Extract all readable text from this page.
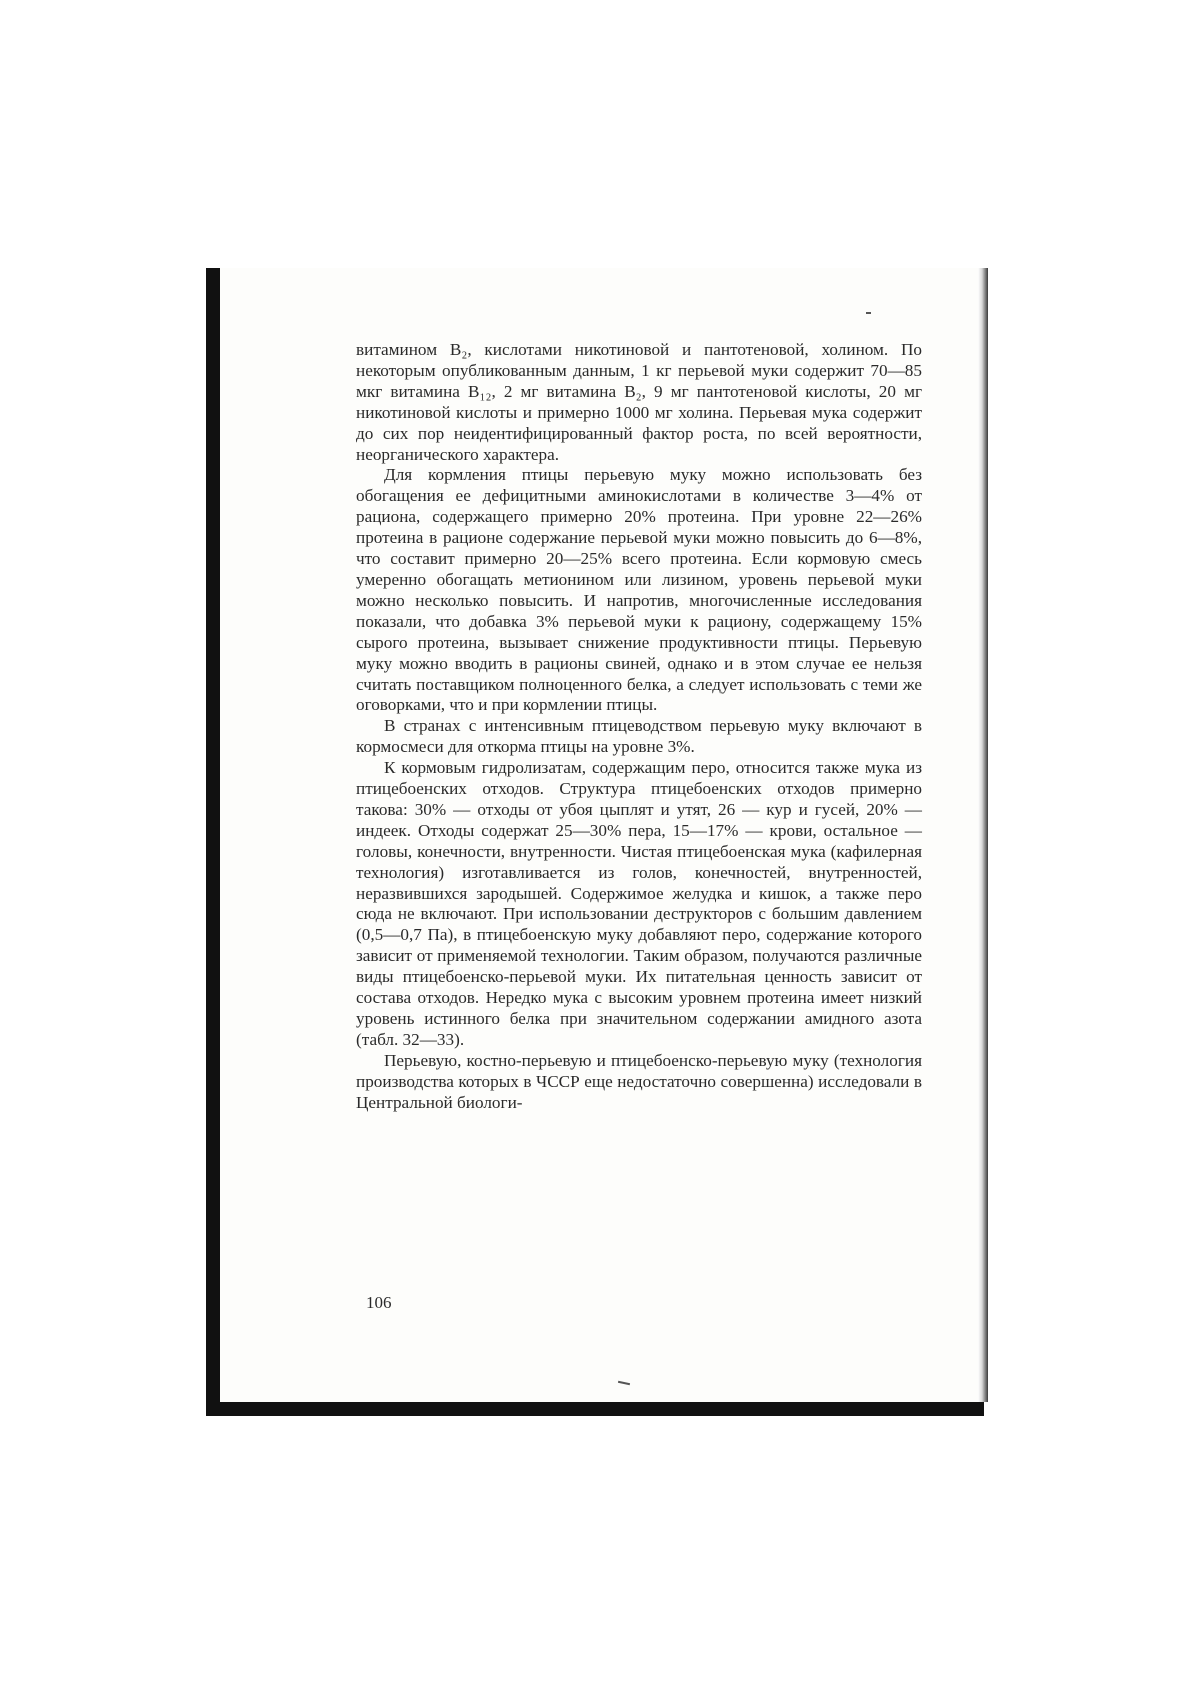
витамином B₂, кислотами никотиновой и пантотеновой, холином. По некоторым опубликованным данным, 1 кг перьевой муки содержит 70—85 мкг витамина B₁₂, 2 мг витамина B₂, 9 мг пантотеновой кислоты, 20 мг никотиновой кислоты и примерно 1000 мг холина. Перьевая мука содержит до сих пор неидентифицированный фактор роста, по всей вероятности, неорганического характера.

Для кормления птицы перьевую муку можно использовать без обогащения ее дефицитными аминокислотами в количестве 3—4% от рациона, содержащего примерно 20% протеина. При уровне 22—26% протеина в рационе содержание перьевой муки можно повысить до 6—8%, что составит примерно 20—25% всего протеина. Если кормовую смесь умеренно обогащать метионином или лизином, уровень перьевой муки можно несколько повысить. И напротив, многочисленные исследования показали, что добавка 3% перьевой муки к рациону, содержащему 15% сырого протеина, вызывает снижение продуктивности птицы. Перьевую муку можно вводить в рационы свиней, однако и в этом случае ее нельзя считать поставщиком полноценного белка, а следует использовать с теми же оговорками, что и при кормлении птицы.

В странах с интенсивным птицеводством перьевую муку включают в кормосмеси для откорма птицы на уровне 3%.

К кормовым гидролизатам, содержащим перо, относится также мука из птицебоенских отходов. Структура птицебоенских отходов примерно такова: 30% — отходы от убоя цыплят и утят, 26 — кур и гусей, 20% — индеек. Отходы содержат 25—30% пера, 15—17% — крови, остальное — головы, конечности, внутренности. Чистая птицебоенская мука (кафилерная технология) изготавливается из голов, конечностей, внутренностей, неразвившихся зародышей. Содержимое желудка и кишок, а также перо сюда не включают. При использовании деструкторов с большим давлением (0,5—0,7 Па), в птицебоенскую муку добавляют перо, содержание которого зависит от применяемой технологии. Таким образом, получаются различные виды птицебоенско-перьевой муки. Их питательная ценность зависит от состава отходов. Нередко мука с высоким уровнем протеина имеет низкий уровень истинного белка при значительном содержании амидного азота (табл. 32—33).

Перьевую, костно-перьевую и птицебоенско-перьевую муку (технология производства которых в ЧССР еще недостаточно совершенна) исследовали в Центральной биологи-

106
